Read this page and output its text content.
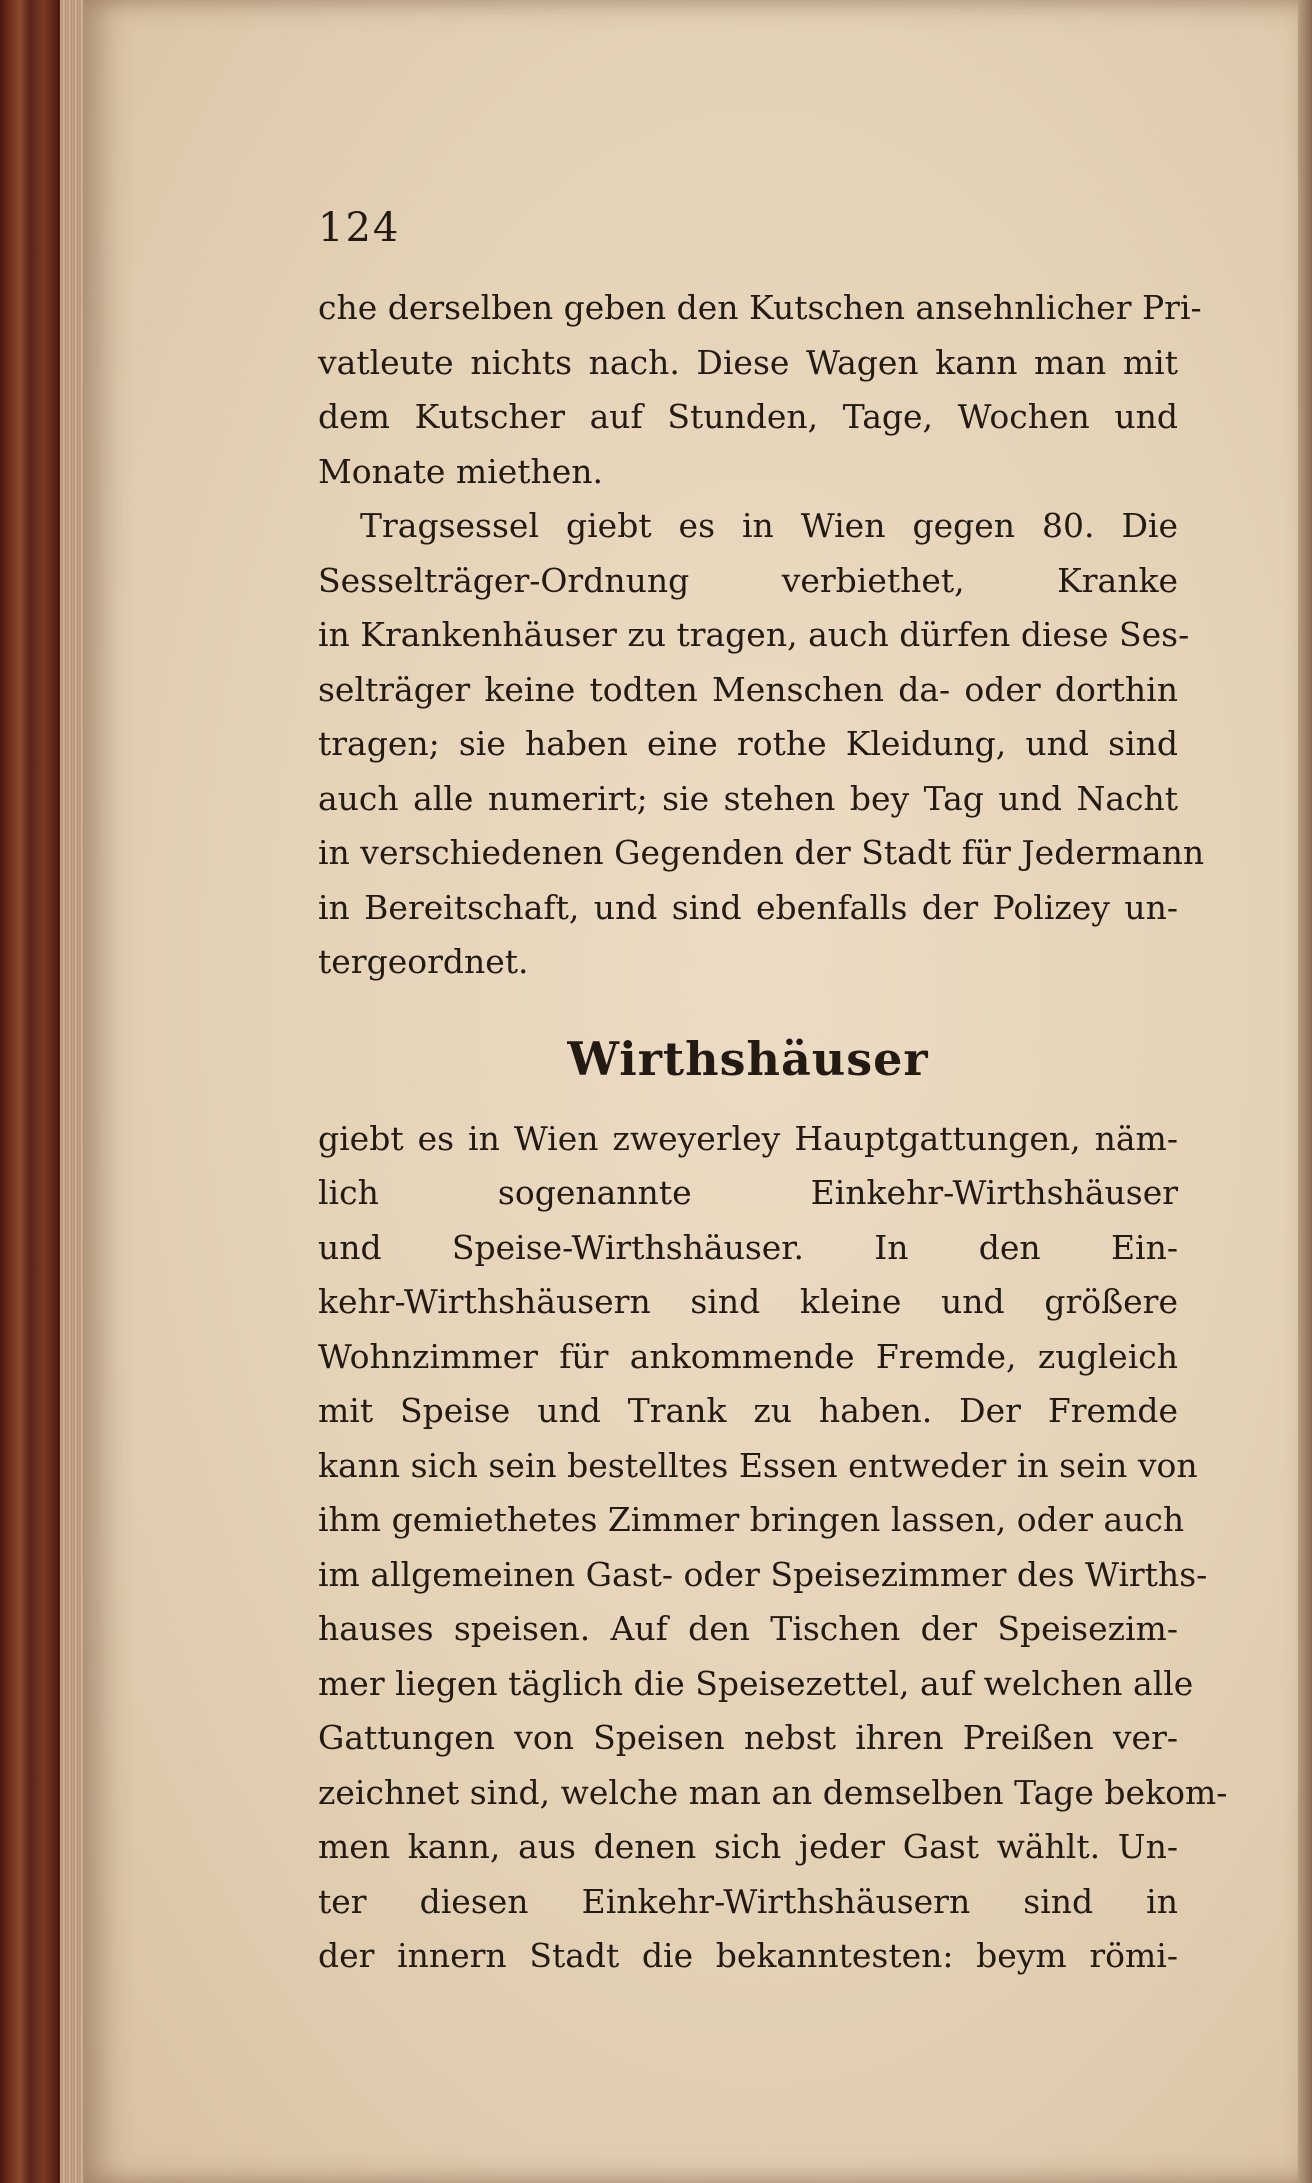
124
che derselben geben den Kutschen ansehnlicher Pri-
vatleute nichts nach. Diese Wagen kann man mit
dem Kutscher auf Stunden, Tage, Wochen und
Monate miethen.
Tragsessel giebt es in Wien gegen 80. Die
Sesselträger-Ordnung verbiethet, Kranke
in Krankenhäuser zu tragen, auch dürfen diese Ses-
selträger keine todten Menschen da- oder dorthin
tragen; sie haben eine rothe Kleidung, und sind
auch alle numerirt; sie stehen bey Tag und Nacht
in verschiedenen Gegenden der Stadt für Jedermann
in Bereitschaft, und sind ebenfalls der Polizey un-
tergeordnet.
Wirthshäuser
giebt es in Wien zweyerley Hauptgattungen, näm-
lich sogenannte Einkehr-Wirthshäuser
und Speise-Wirthshäuser. In den Ein-
kehr-Wirthshäusern sind kleine und größere
Wohnzimmer für ankommende Fremde, zugleich
mit Speise und Trank zu haben. Der Fremde
kann sich sein bestelltes Essen entweder in sein von
ihm gemiethetes Zimmer bringen lassen, oder auch
im allgemeinen Gast- oder Speisezimmer des Wirths-
hauses speisen. Auf den Tischen der Speisezim-
mer liegen täglich die Speisezettel, auf welchen alle
Gattungen von Speisen nebst ihren Preißen ver-
zeichnet sind, welche man an demselben Tage bekom-
men kann, aus denen sich jeder Gast wählt. Un-
ter diesen Einkehr-Wirthshäusern sind in
der innern Stadt die bekanntesten: beym römi-
